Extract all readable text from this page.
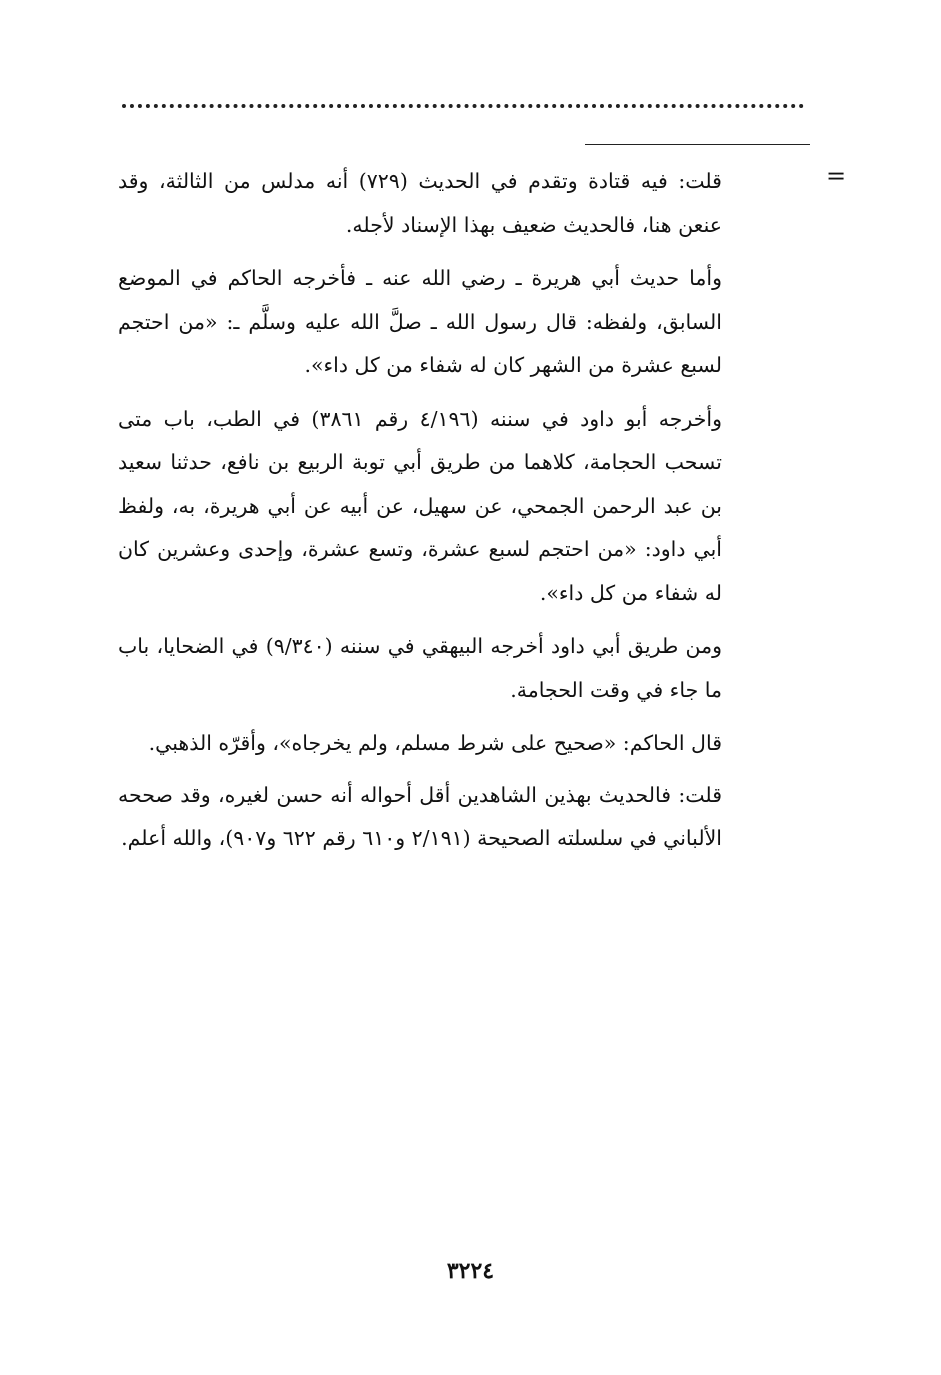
=

قلت: فيه قتادة وتقدم في الحديث (٧٢٩) أنه مدلس من الثالثة، وقد عنعن هنا، فالحديث ضعيف بهذا الإسناد لأجله.

وأما حديث أبي هريرة ـ رضي الله عنه ـ فأخرجه الحاكم في الموضع السابق، ولفظه: قال رسول الله ـ صلَّ الله عليه وسلَّم ـ: «من احتجم لسبع عشرة من الشهر كان له شفاء من كل داء».

وأخرجه أبو داود في سننه (٤/١٩٦ رقم ٣٨٦١) في الطب، باب متى تسحب الحجامة، كلاهما من طريق أبي توبة الربيع بن نافع، حدثنا سعيد بن عبد الرحمن الجمحي، عن سهيل، عن أبيه عن أبي هريرة، به، ولفظ أبي داود: «من احتجم لسبع عشرة، وتسع عشرة، وإحدى وعشرين كان له شفاء من كل داء».

ومن طريق أبي داود أخرجه البيهقي في سننه (٩/٣٤٠) في الضحايا، باب ما جاء في وقت الحجامة.

قال الحاكم: «صحيح على شرط مسلم، ولم يخرجاه»، وأقرّه الذهبي.

قلت: فالحديث بهذين الشاهدين أقل أحواله أنه حسن لغيره، وقد صححه الألباني في سلسلته الصحيحة (٢/١٩١ و٦١٠ رقم ٦٢٢ و٩٠٧)، والله أعلم.

٣٢٢٤
